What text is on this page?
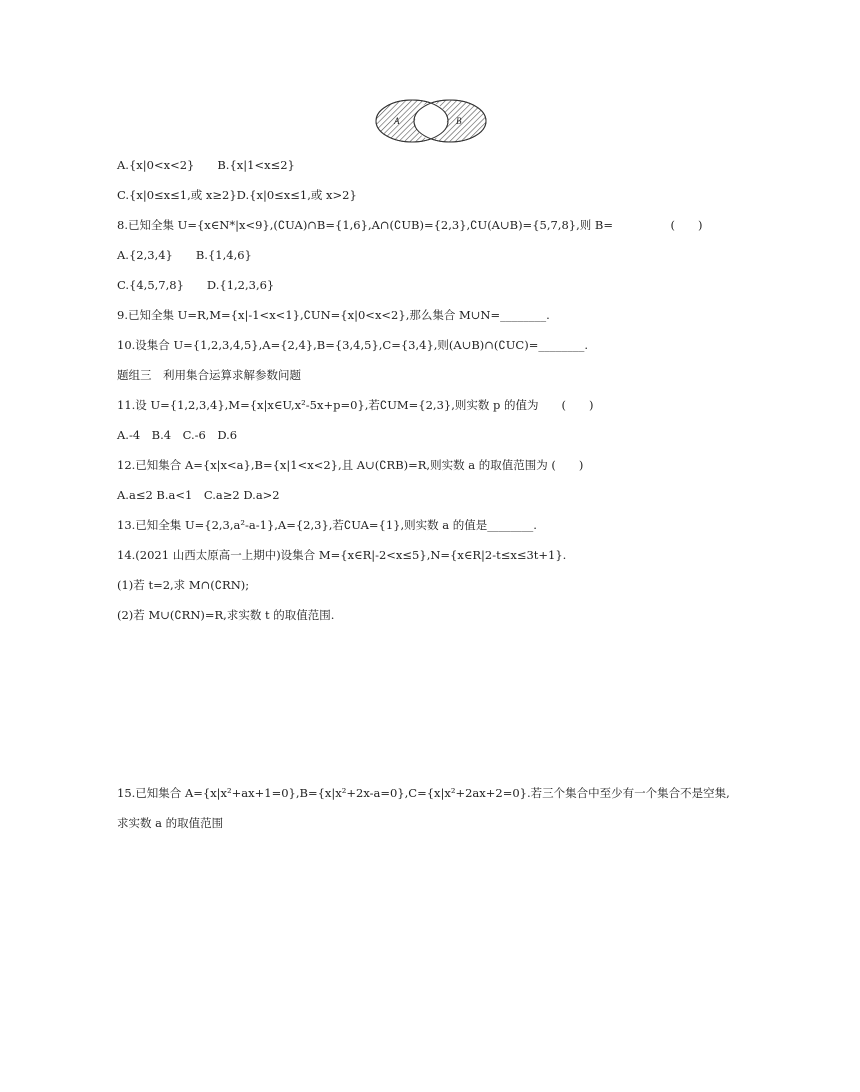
A	B
A.{x|0<x<2}　　B.{x|1<x≤2}
C.{x|0≤x≤1,或 x≥2}D.{x|0≤x≤1,或 x>2}
8.已知全集 U={x∈N*|x<9},(∁UA)∩B={1,6},A∩(∁UB)={2,3},∁U(A∪B)={5,7,8},则 B=　　　　　(　　)
A.{2,3,4}　　B.{1,4,6}
C.{4,5,7,8}　　D.{1,2,3,6}
9.已知全集 U=R,M={x|-1<x<1},∁UN={x|0<x<2},那么集合 M∪N=________.
10.设集合 U={1,2,3,4,5},A={2,4},B={3,4,5},C={3,4},则(A∪B)∩(∁UC)=________.
题组三　利用集合运算求解参数问题
11.设 U={1,2,3,4},M={x|x∈U,x²-5x+p=0},若∁UM={2,3},则实数 p 的值为　　(　　)
A.-4　B.4　C.-6　D.6
12.已知集合 A={x|x<a},B={x|1<x<2},且 A∪(∁RB)=R,则实数 a 的取值范围为 (　　)
A.a≤2 B.a<1　C.a≥2 D.a>2
13.已知全集 U={2,3,a²-a-1},A={2,3},若∁UA={1},则实数 a 的值是________.
14.(2021 山西太原高一上期中)设集合 M={x∈R|-2<x≤5},N={x∈R|2-t≤x≤3t+1}.
(1)若 t=2,求 M∩(∁RN);
(2)若 M∪(∁RN)=R,求实数 t 的取值范围.
15.已知集合 A={x|x²+ax+1=0},B={x|x²+2x-a=0},C={x|x²+2ax+2=0}.若三个集合中至少有一个集合不是空集,
求实数 a 的取值范围
